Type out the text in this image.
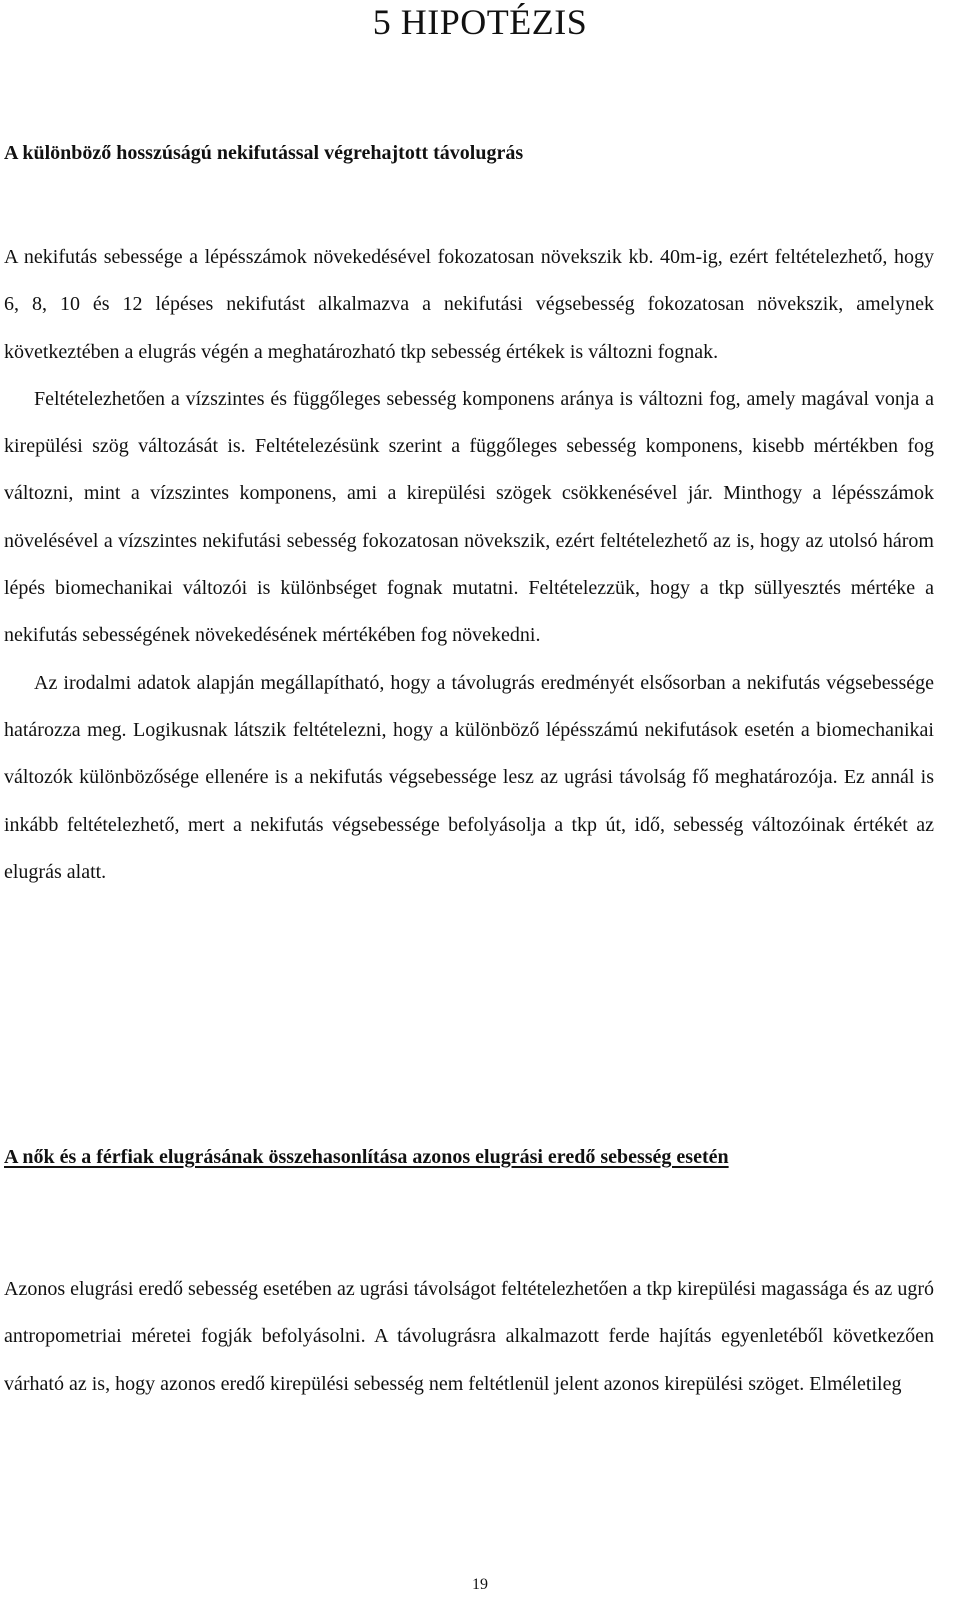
5 HIPOTÉZIS
A különböző hosszúságú nekifutással végrehajtott távolugrás

A nekifutás sebessége a lépésszámok növekedésével fokozatosan növekszik kb. 40m-ig, ezért feltételezhető, hogy 6, 8, 10 és 12 lépéses nekifutást alkalmazva a nekifutási végsebesség fokozatosan növekszik, amelynek következtében a elugrás végén a meghatározható tkp sebesség értékek is változni fognak.

Feltételezhetően a vízszintes és függőleges sebesség komponens aránya is változni fog, amely magával vonja a kirepülési szög változását is. Feltételezésünk szerint a függőleges sebesség komponens, kisebb mértékben fog változni, mint a vízszintes komponens, ami a kirepülési szögek csökkenésével jár. Minthogy a lépésszámok növelésével a vízszintes nekifutási sebesség fokozatosan növekszik, ezért feltételezhető az is, hogy az utolsó három lépés biomechanikai változói is különbséget fognak mutatni. Feltételezzük, hogy a tkp süllyesztés mértéke a nekifutás sebességének növekedésének mértékében fog növekedni.

Az irodalmi adatok alapján megállapítható, hogy a távolugrás eredményét elsősorban a nekifutás végsebessége határozza meg. Logikusnak látszik feltételezni, hogy a különböző lépésszámú nekifutások esetén a biomechanikai változók különbözősége ellenére is a nekifutás végsebessége lesz az ugrási távolság fő meghatározója. Ez annál is inkább feltételezhető, mert a nekifutás végsebessége befolyásolja a tkp út, idő, sebesség változóinak értékét az elugrás alatt.

A nők és a férfiak elugrásának összehasonlítása azonos elugrási eredő sebesség esetén

Azonos elugrási eredő sebesség esetében az ugrási távolságot feltételezhetően a tkp kirepülési magassága és az ugró antropometriai méretei fogják befolyásolni. A távolugrásra alkalmazott ferde hajítás egyenletéből következően várható az is, hogy azonos eredő kirepülési sebesség nem feltétlenül jelent azonos kirepülési szöget. Elméletileg

19
